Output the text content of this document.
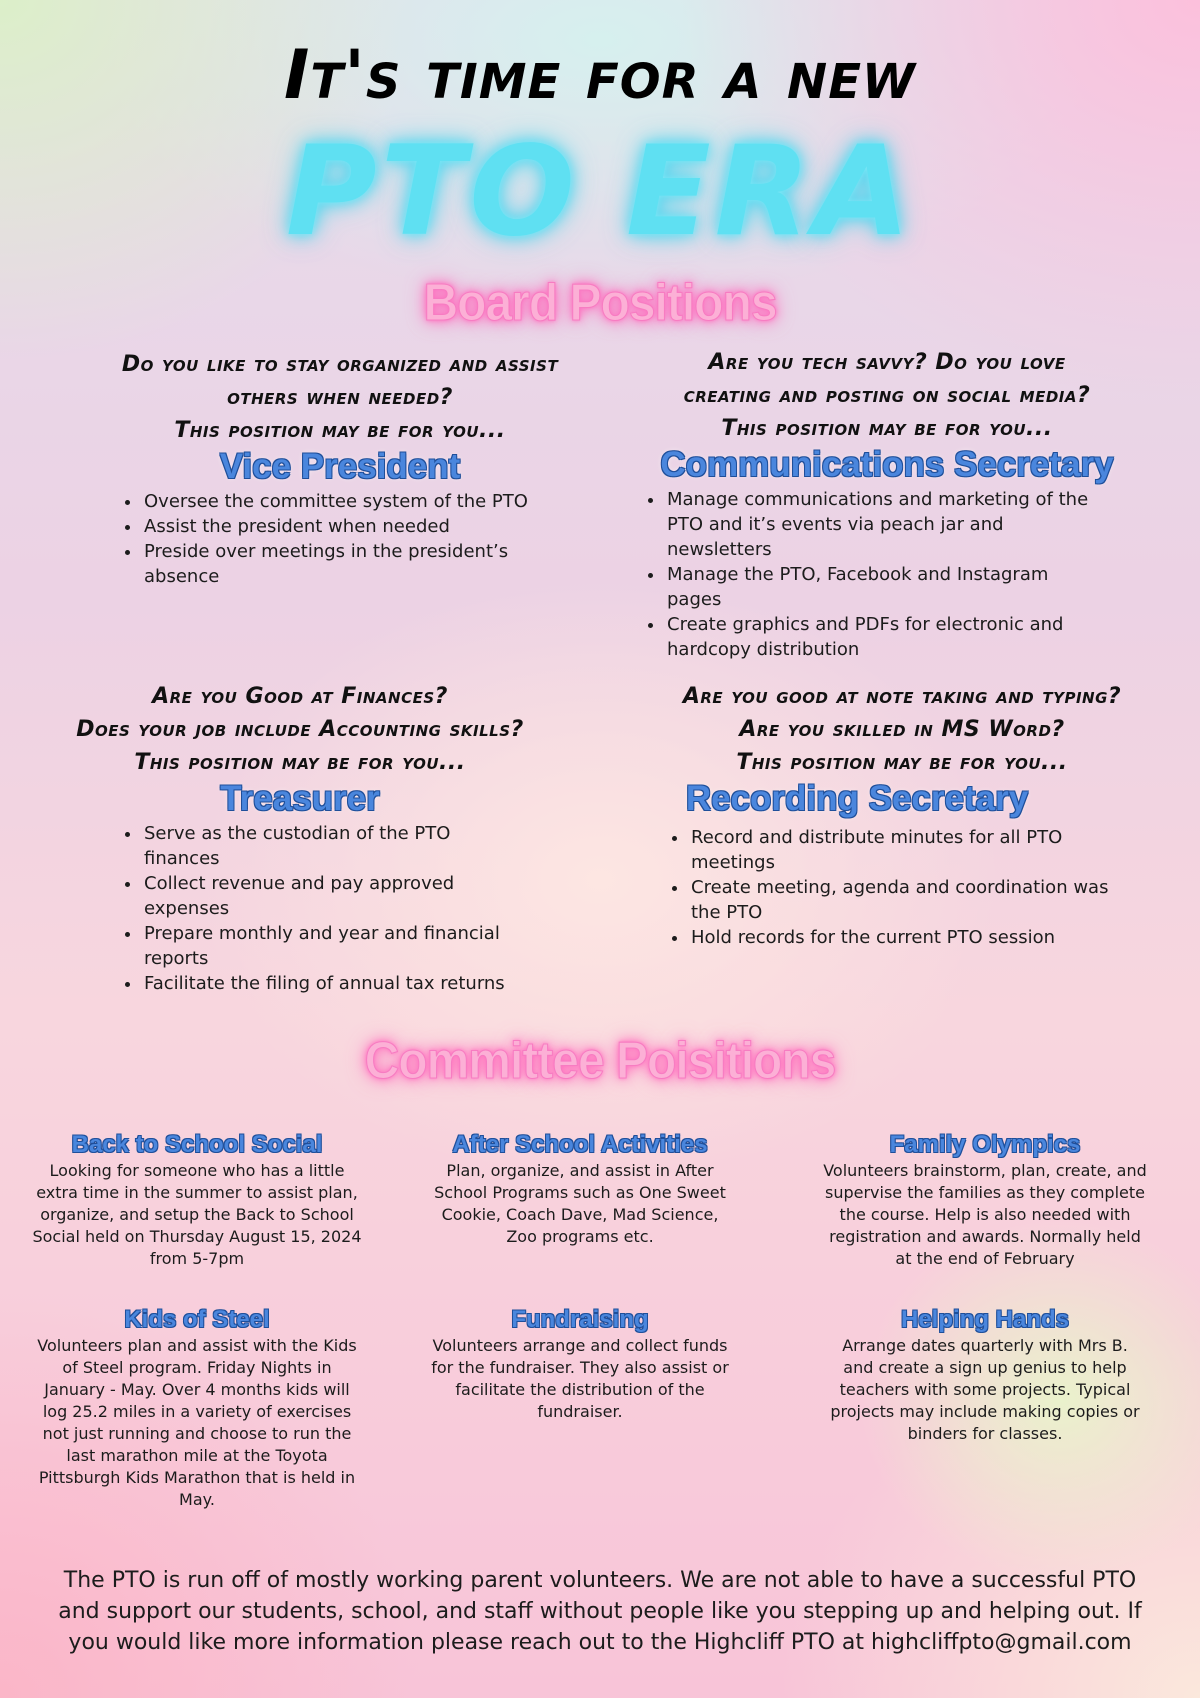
It's time for a new
PTO ERA
Board Positions
Do you like to stay organized and assist
others when needed?
This position may be for you...
Vice President
• Oversee the committee system of the PTO
• Assist the president when needed
• Preside over meetings in the president’s absence
Are you tech savvy? Do you love
creating and posting on social media?
This position may be for you...
Communications Secretary
• Manage communications and marketing of the PTO and it’s events via peach jar and newsletters
• Manage the PTO, Facebook and Instagram pages
• Create graphics and PDFs for electronic and hardcopy distribution
Are you Good at Finances?
Does your job include Accounting skills?
This position may be for you...
Treasurer
• Serve as the custodian of the PTO finances
• Collect revenue and pay approved expenses
• Prepare monthly and year and financial reports
• Facilitate the filing of annual tax returns
Are you good at note taking and typing?
Are you skilled in MS Word?
This position may be for you...
Recording Secretary
• Record and distribute minutes for all PTO meetings
• Create meeting, agenda and coordination was the PTO
• Hold records for the current PTO session
Committee Poisitions
Back to School Social
Looking for someone who has a little extra time in the summer to assist plan, organize, and setup the Back to School Social held on Thursday August 15, 2024 from 5-7pm
After School Activities
Plan, organize, and assist in After School Programs such as One Sweet Cookie, Coach Dave, Mad Science, Zoo programs etc.
Family Olympics
Volunteers brainstorm, plan, create, and supervise the families as they complete the course. Help is also needed with registration and awards. Normally held at the end of February
Kids of Steel
Volunteers plan and assist with the Kids of Steel program. Friday Nights in January - May. Over 4 months kids will log 25.2 miles in a variety of exercises not just running and choose to run the last marathon mile at the Toyota Pittsburgh Kids Marathon that is held in May.
Fundraising
Volunteers arrange and collect funds for the fundraiser. They also assist or facilitate the distribution of the fundraiser.
Helping Hands
Arrange dates quarterly with Mrs B. and create a sign up genius to help teachers with some projects. Typical projects may include making copies or binders for classes.
The PTO is run off of mostly working parent volunteers. We are not able to have a successful PTO and support our students, school, and staff without people like you stepping up and helping out. If you would like more information please reach out to the Highcliff PTO at highcliffpto@gmail.com
